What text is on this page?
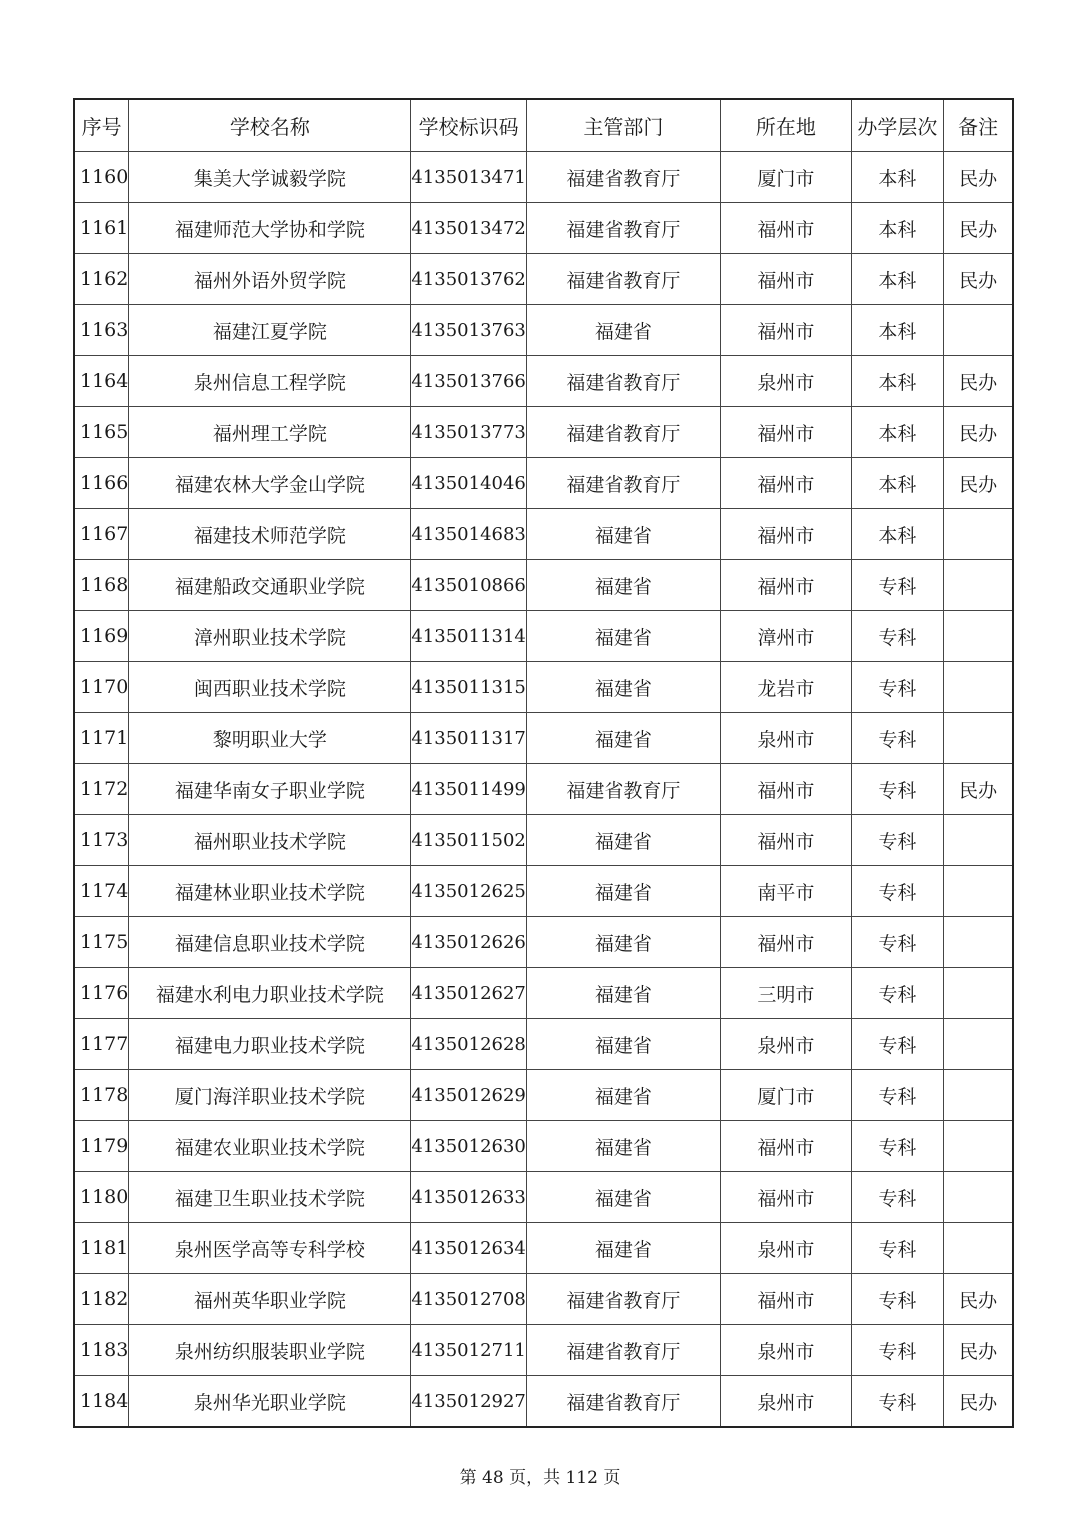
序号	学校名称	学校标识码	主管部门	所在地	办学层次	备注
1160	集美大学诚毅学院	4135013471	福建省教育厅	厦门市	本科	民办
1161	福建师范大学协和学院	4135013472	福建省教育厅	福州市	本科	民办
1162	福州外语外贸学院	4135013762	福建省教育厅	福州市	本科	民办
1163	福建江夏学院	4135013763	福建省	福州市	本科	
1164	泉州信息工程学院	4135013766	福建省教育厅	泉州市	本科	民办
1165	福州理工学院	4135013773	福建省教育厅	福州市	本科	民办
1166	福建农林大学金山学院	4135014046	福建省教育厅	福州市	本科	民办
1167	福建技术师范学院	4135014683	福建省	福州市	本科	
1168	福建船政交通职业学院	4135010866	福建省	福州市	专科	
1169	漳州职业技术学院	4135011314	福建省	漳州市	专科	
1170	闽西职业技术学院	4135011315	福建省	龙岩市	专科	
1171	黎明职业大学	4135011317	福建省	泉州市	专科	
1172	福建华南女子职业学院	4135011499	福建省教育厅	福州市	专科	民办
1173	福州职业技术学院	4135011502	福建省	福州市	专科	
1174	福建林业职业技术学院	4135012625	福建省	南平市	专科	
1175	福建信息职业技术学院	4135012626	福建省	福州市	专科	
1176	福建水利电力职业技术学院	4135012627	福建省	三明市	专科	
1177	福建电力职业技术学院	4135012628	福建省	泉州市	专科	
1178	厦门海洋职业技术学院	4135012629	福建省	厦门市	专科	
1179	福建农业职业技术学院	4135012630	福建省	福州市	专科	
1180	福建卫生职业技术学院	4135012633	福建省	福州市	专科	
1181	泉州医学高等专科学校	4135012634	福建省	泉州市	专科	
1182	福州英华职业学院	4135012708	福建省教育厅	福州市	专科	民办
1183	泉州纺织服装职业学院	4135012711	福建省教育厅	泉州市	专科	民办
1184	泉州华光职业学院	4135012927	福建省教育厅	泉州市	专科	民办
第 48 页，共 112 页
